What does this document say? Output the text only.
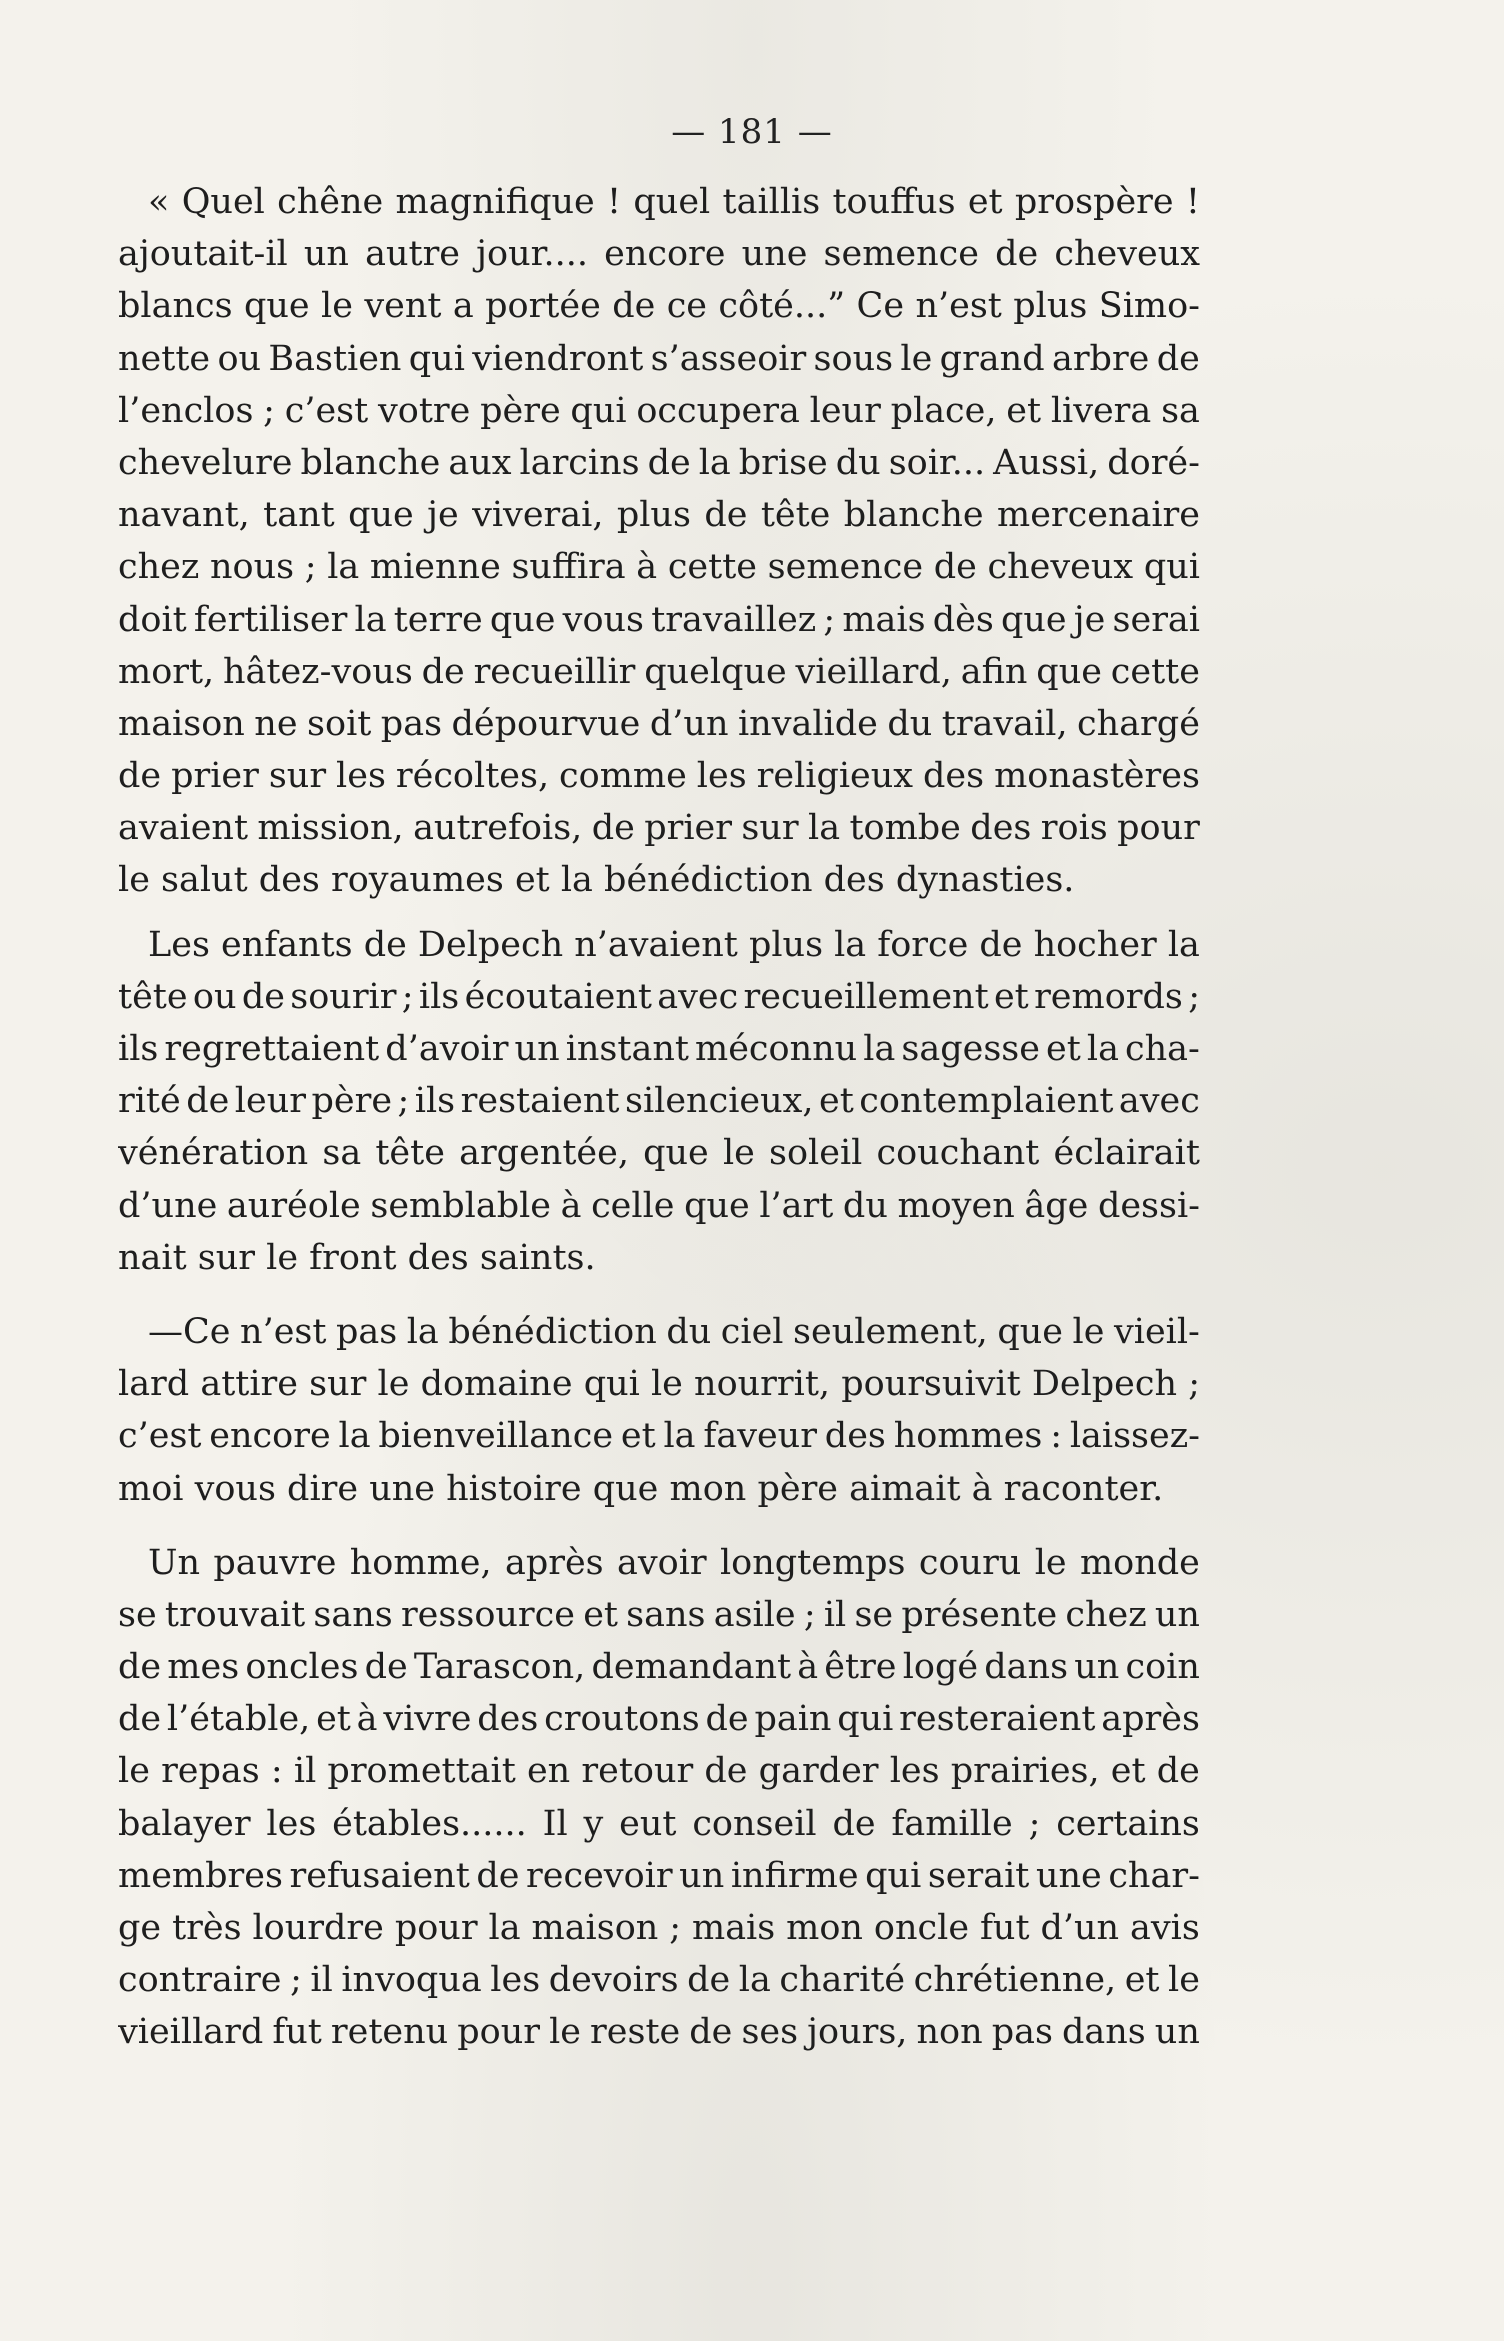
— 181 —
« Quel chêne magnifique ! quel taillis touffus et prospère !
ajoutait-il un autre jour.... encore une semence de cheveux
blancs que le vent a portée de ce côté...” Ce n’est plus Simo-
nette ou Bastien qui viendront s’asseoir sous le grand arbre de
l’enclos ; c’est votre père qui occupera leur place, et livera sa
chevelure blanche aux larcins de la brise du soir... Aussi, doré-
navant, tant que je viverai, plus de tête blanche mercenaire
chez nous ; la mienne suffira à cette semence de cheveux qui
doit fertiliser la terre que vous travaillez ; mais dès que je serai
mort, hâtez-vous de recueillir quelque vieillard, afin que cette
maison ne soit pas dépourvue d’un invalide du travail, chargé
de prier sur les récoltes, comme les religieux des monastères
avaient mission, autrefois, de prier sur la tombe des rois pour
le salut des royaumes et la bénédiction des dynasties.
Les enfants de Delpech n’avaient plus la force de hocher la
tête ou de sourir ; ils écoutaient avec recueillement et remords ;
ils regrettaient d’avoir un instant méconnu la sagesse et la cha-
rité de leur père ; ils restaient silencieux, et contemplaient avec
vénération sa tête argentée, que le soleil couchant éclairait
d’une auréole semblable à celle que l’art du moyen âge dessi-
nait sur le front des saints.
—Ce n’est pas la bénédiction du ciel seulement, que le vieil-
lard attire sur le domaine qui le nourrit, poursuivit Delpech ;
c’est encore la bienveillance et la faveur des hommes : laissez-
moi vous dire une histoire que mon père aimait à raconter.
Un pauvre homme, après avoir longtemps couru le monde
se trouvait sans ressource et sans asile ; il se présente chez un
de mes oncles de Tarascon, demandant à être logé dans un coin
de l’étable, et à vivre des croutons de pain qui resteraient après
le repas : il promettait en retour de garder les prairies, et de
balayer les étables...... Il y eut conseil de famille ; certains
membres refusaient de recevoir un infirme qui serait une char-
ge très lourdre pour la maison ; mais mon oncle fut d’un avis
contraire ; il invoqua les devoirs de la charité chrétienne, et le
vieillard fut retenu pour le reste de ses jours, non pas dans un
